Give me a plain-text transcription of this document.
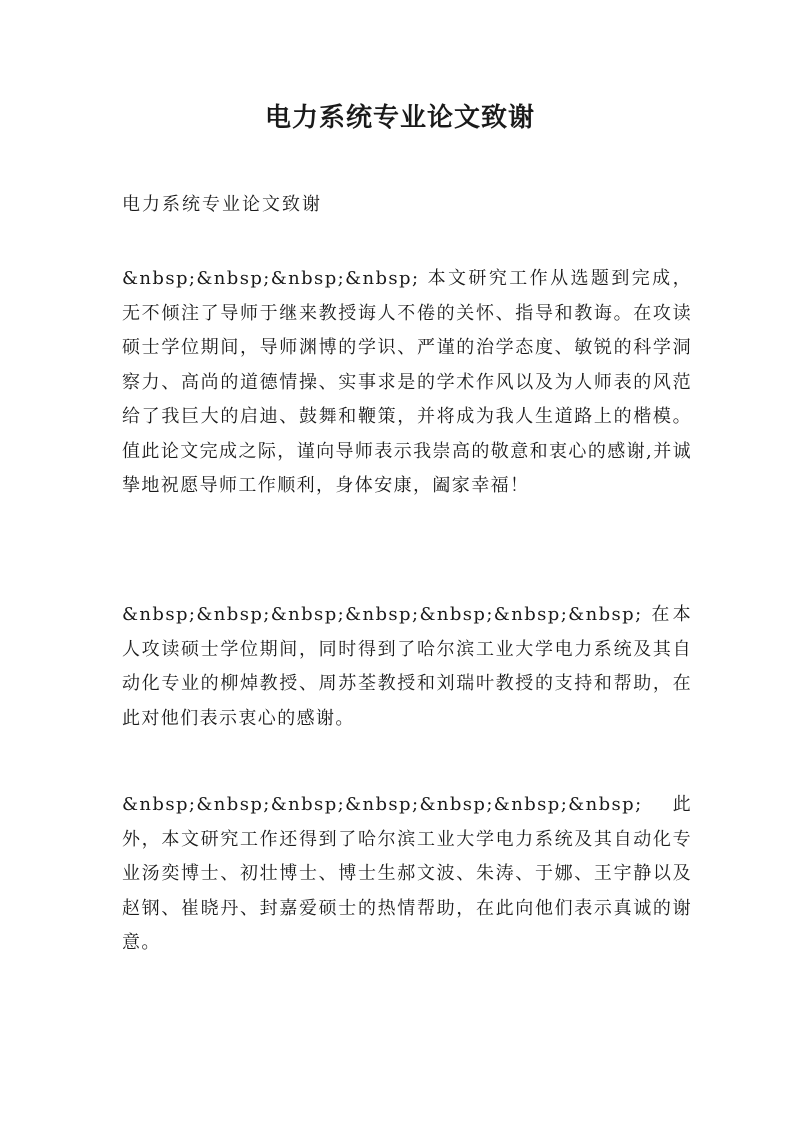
电力系统专业论文致谢

电力系统专业论文致谢

&nbsp;&nbsp;&nbsp;&nbsp; 本文研究工作从选题到完成，无不倾注了导师于继来教授诲人不倦的关怀、指导和教诲。在攻读硕士学位期间，导师渊博的学识、严谨的治学态度、敏锐的科学洞察力、高尚的道德情操、实事求是的学术作风以及为人师表的风范给了我巨大的启迪、鼓舞和鞭策，并将成为我人生道路上的楷模。值此论文完成之际，谨向导师表示我崇高的敬意和衷心的感谢,并诚挚地祝愿导师工作顺利，身体安康，阖家幸福！

&nbsp;&nbsp;&nbsp;&nbsp;&nbsp;&nbsp;&nbsp; 在本人攻读硕士学位期间，同时得到了哈尔滨工业大学电力系统及其自动化专业的柳焯教授、周苏荃教授和刘瑞叶教授的支持和帮助，在此对他们表示衷心的感谢。

&nbsp;&nbsp;&nbsp;&nbsp;&nbsp;&nbsp;&nbsp; 此外，本文研究工作还得到了哈尔滨工业大学电力系统及其自动化专业汤奕博士、初壮博士、博士生郝文波、朱涛、于娜、王宇静以及赵钢、崔晓丹、封嘉爱硕士的热情帮助，在此向他们表示真诚的谢意。
